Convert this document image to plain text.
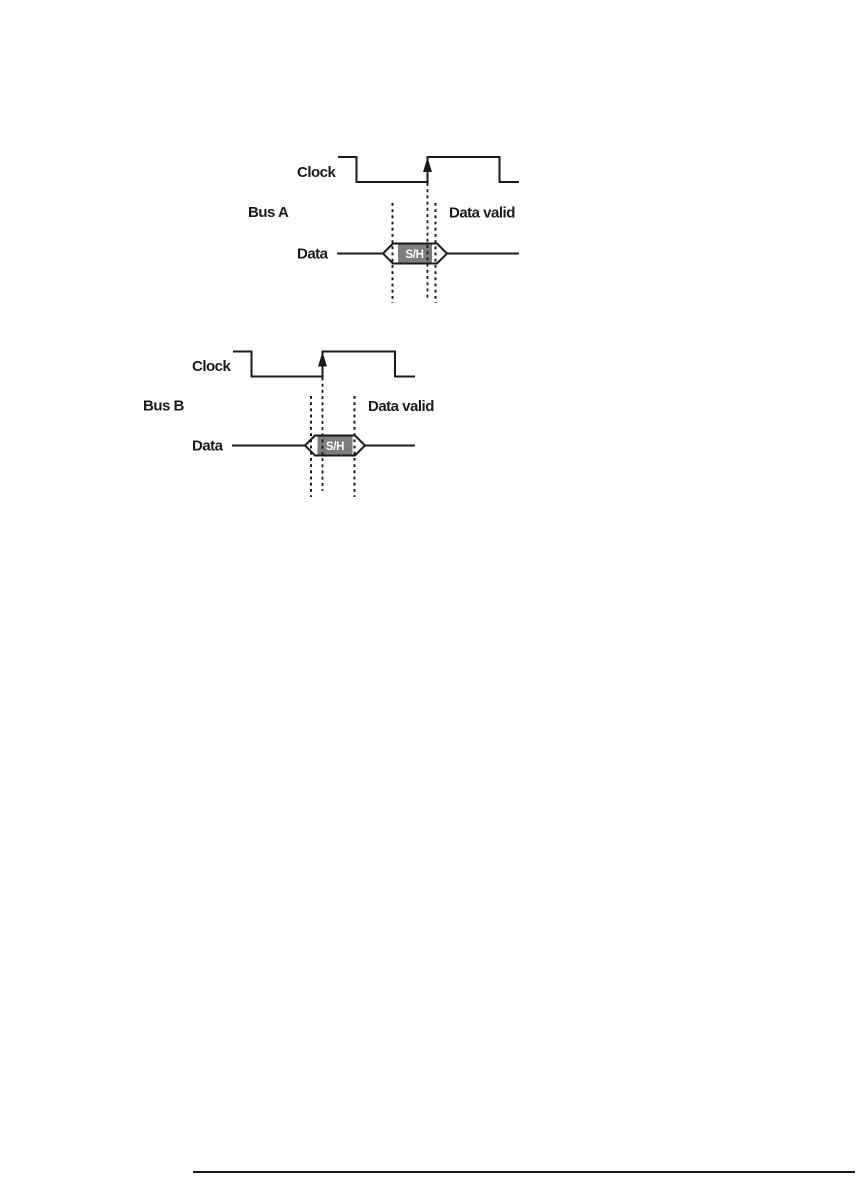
S/H
Clock
Bus A	Data valid
Data
S/H
Clock
Bus B	Data valid
Data
